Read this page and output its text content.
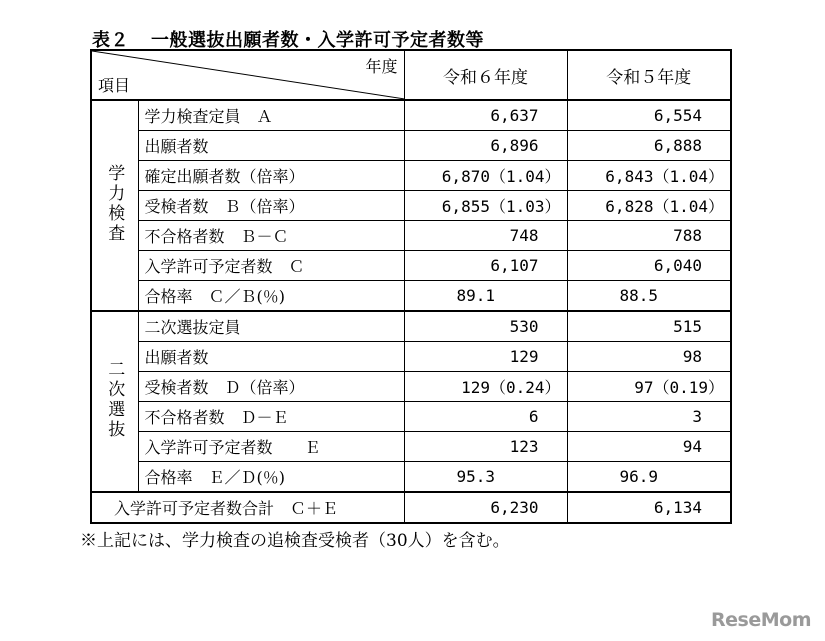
表２ 一般選抜出願者数・入学許可予定者数等
年度
項目		令和６年度	令和５年度
学力検査	学力検査定員　Ａ	6,637	6,554
	出願者数	6,896	6,888
	確定出願者数（倍率）	6,870（1.04）	6,843（1.04）
	受検者数　Ｂ（倍率）	6,855（1.03）	6,828（1.04）
	不合格者数　Ｂ－Ｃ	748	788
	入学許可予定者数　Ｃ	6,107	6,040
	合格率　Ｃ／Ｂ(％)	89.1	88.5
二次選抜	二次選抜定員	530	515
	出願者数	129	98
	受検者数　Ｄ（倍率）	129（0.24）	97（0.19）
	不合格者数　Ｄ－Ｅ	6	3
	入学許可予定者数　　Ｅ	123	94
	合格率　Ｅ／Ｄ(％)	95.3	96.9
入学許可予定者数合計　Ｃ＋Ｅ		6,230	6,134
※上記には、学力検査の追検査受検者（30人）を含む。
ReseMom
